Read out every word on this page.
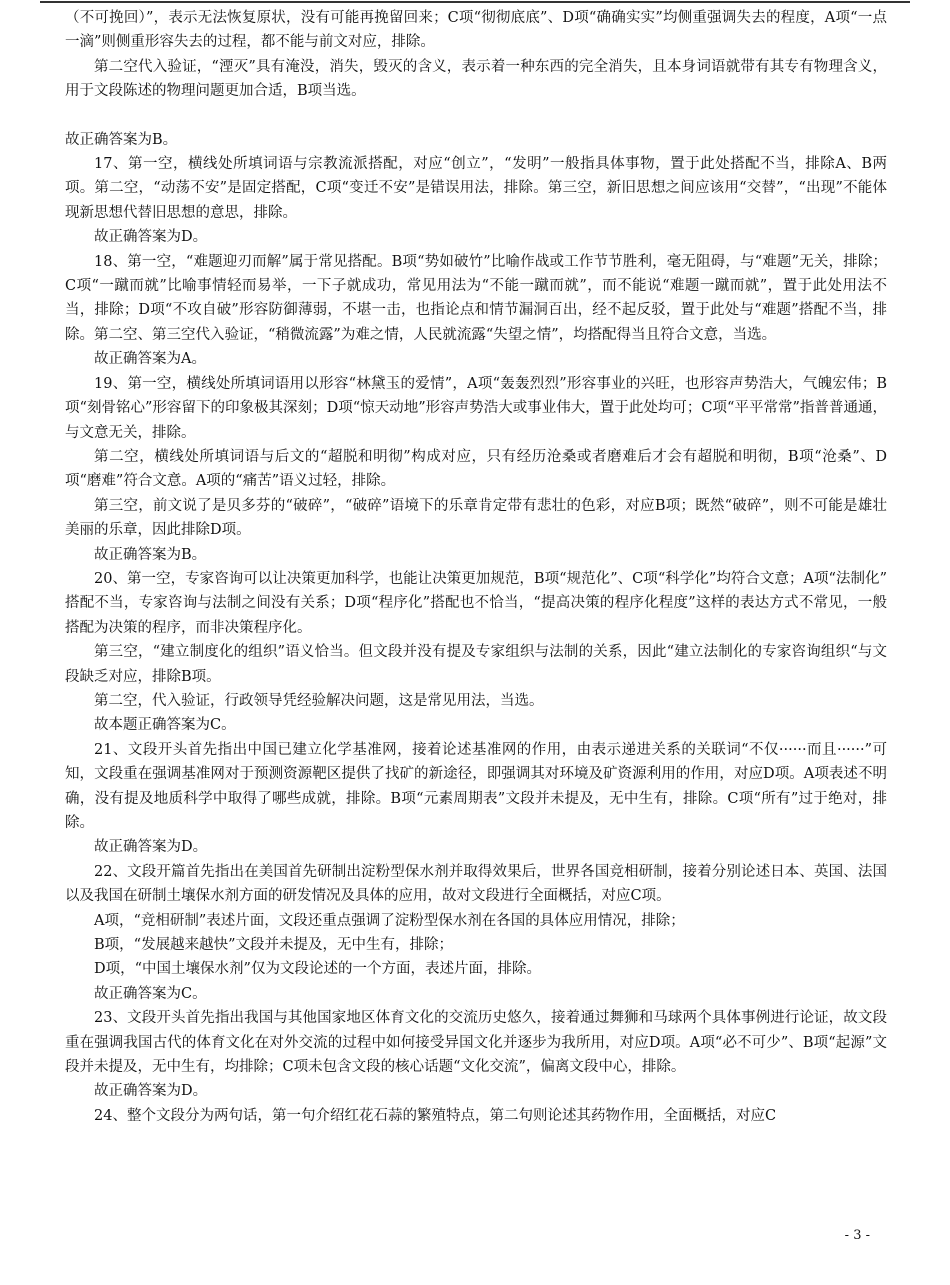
（不可挽回）”，表示无法恢复原状，没有可能再挽留回来；C项“彻彻底底”、D项“确确实实”均侧重强调失去的程度，A项“一点一滴”则侧重形容失去的过程，都不能与前文对应，排除。

第二空代入验证，“湮灭”具有淹没，消失，毁灭的含义，表示着一种东西的完全消失，且本身词语就带有其专有物理含义，用于文段陈述的物理问题更加合适，B项当选。

故正确答案为B。

17、第一空，横线处所填词语与宗教流派搭配，对应“创立”，“发明”一般指具体事物，置于此处搭配不当，排除A、B两项。第二空，“动荡不安”是固定搭配，C项“变迁不安”是错误用法，排除。第三空，新旧思想之间应该用“交替”，“出现”不能体现新思想代替旧思想的意思，排除。

故正确答案为D。

18、第一空，“难题迎刃而解”属于常见搭配。B项“势如破竹”比喻作战或工作节节胜利，毫无阻碍，与“难题”无关，排除；C项“一蹴而就”比喻事情轻而易举，一下子就成功，常见用法为“不能一蹴而就”，而不能说“难题一蹴而就”，置于此处用法不当，排除；D项“不攻自破”形容防御薄弱，不堪一击，也指论点和情节漏洞百出，经不起反驳，置于此处与“难题”搭配不当，排除。第二空、第三空代入验证，“稍微流露”为难之情，人民就流露“失望之情”，均搭配得当且符合文意，当选。

故正确答案为A。

19、第一空，横线处所填词语用以形容“林黛玉的爱情”，A项“轰轰烈烈”形容事业的兴旺，也形容声势浩大，气魄宏伟；B项“刻骨铭心”形容留下的印象极其深刻；D项“惊天动地”形容声势浩大或事业伟大，置于此处均可；C项“平平常常”指普普通通，与文意无关，排除。

第二空，横线处所填词语与后文的“超脱和明彻”构成对应，只有经历沧桑或者磨难后才会有超脱和明彻，B项“沧桑”、D项“磨难”符合文意。A项的“痛苦”语义过轻，排除。

第三空，前文说了是贝多芬的“破碎”，“破碎”语境下的乐章肯定带有悲壮的色彩，对应B项；既然“破碎”，则不可能是雄壮美丽的乐章，因此排除D项。

故正确答案为B。

20、第一空，专家咨询可以让决策更加科学，也能让决策更加规范，B项“规范化”、C项“科学化”均符合文意；A项“法制化”　搭配不当，专家咨询与法制之间没有关系；D项“程序化”搭配也不恰当，“提高决策的程序化程度”这样的表达方式不常见，一般搭配为决策的程序，而非决策程序化。

第三空，“建立制度化的组织”语义恰当。但文段并没有提及专家组织与法制的关系，因此“建立法制化的专家咨询组织“与文段缺乏对应，排除B项。

第二空，代入验证，行政领导凭经验解决问题，这是常见用法，当选。

故本题正确答案为C。

21、文段开头首先指出中国已建立化学基准网，接着论述基准网的作用，由表示递进关系的关联词“不仅······而且······”可知，文段重在强调基准网对于预测资源靶区提供了找矿的新途径，即强调其对环境及矿资源利用的作用，对应D项。A项表述不明确，没有提及地质科学中取得了哪些成就，排除。B项“元素周期表”文段并未提及，无中生有，排除。C项“所有”过于绝对，排除。

故正确答案为D。

22、文段开篇首先指出在美国首先研制出淀粉型保水剂并取得效果后，世界各国竞相研制，接着分别论述日本、英国、法国以及我国在研制土壤保水剂方面的研发情况及具体的应用，故对文段进行全面概括，对应C项。

A项，“竞相研制”表述片面，文段还重点强调了淀粉型保水剂在各国的具体应用情况，排除；

B项，“发展越来越快”文段并未提及，无中生有，排除；

D项，“中国土壤保水剂”仅为文段论述的一个方面，表述片面，排除。

故正确答案为C。

23、文段开头首先指出我国与其他国家地区体育文化的交流历史悠久，接着通过舞狮和马球两个具体事例进行论证，故文段重在强调我国古代的体育文化在对外交流的过程中如何接受异国文化并逐步为我所用，对应D项。A项“必不可少”、B项“起源”文段并未提及，无中生有，均排除；C项未包含文段的核心话题“文化交流”，偏离文段中心，排除。

故正确答案为D。

24、整个文段分为两句话，第一句介绍红花石蒜的繁殖特点，第二句则论述其药物作用，全面概括，对应C

- 3 -
